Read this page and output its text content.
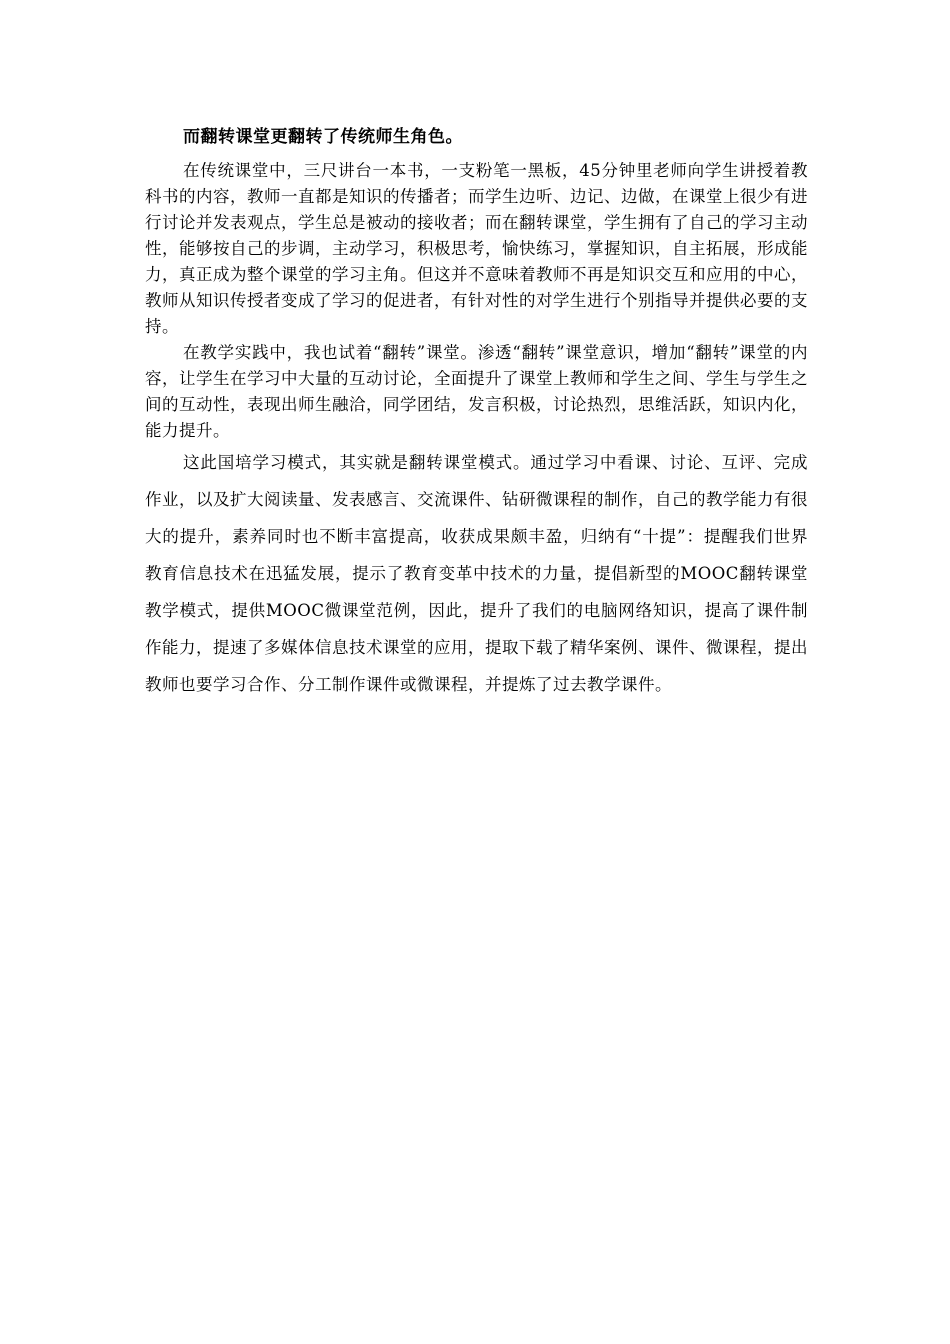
而翻转课堂更翻转了传统师生角色。

在传统课堂中，三尺讲台一本书，一支粉笔一黑板，45分钟里老师向学生讲授着教科书的内容，教师一直都是知识的传播者；而学生边听、边记、边做，在课堂上很少有进行讨论并发表观点，学生总是被动的接收者；而在翻转课堂，学生拥有了自己的学习主动性，能够按自己的步调，主动学习，积极思考，愉快练习，掌握知识，自主拓展，形成能力，真正成为整个课堂的学习主角。但这并不意味着教师不再是知识交互和应用的中心，教师从知识传授者变成了学习的促进者，有针对性的对学生进行个别指导并提供必要的支持。

在教学实践中，我也试着“翻转”课堂。渗透“翻转”课堂意识，增加“翻转”课堂的内容，让学生在学习中大量的互动讨论，全面提升了课堂上教师和学生之间、学生与学生之间的互动性，表现出师生融洽，同学团结，发言积极，讨论热烈，思维活跃，知识内化，能力提升。

这此国培学习模式，其实就是翻转课堂模式。通过学习中看课、讨论、互评、完成作业，以及扩大阅读量、发表感言、交流课件、钻研微课程的制作，自己的教学能力有很大的提升，素养同时也不断丰富提高，收获成果颇丰盈，归纳有“十提”：提醒我们世界教育信息技术在迅猛发展，提示了教育变革中技术的力量，提倡新型的MOOC翻转课堂教学模式，提供MOOC微课堂范例，因此，提升了我们的电脑网络知识，提高了课件制作能力，提速了多媒体信息技术课堂的应用，提取下载了精华案例、课件、微课程，提出教师也要学习合作、分工制作课件或微课程，并提炼了过去教学课件。
